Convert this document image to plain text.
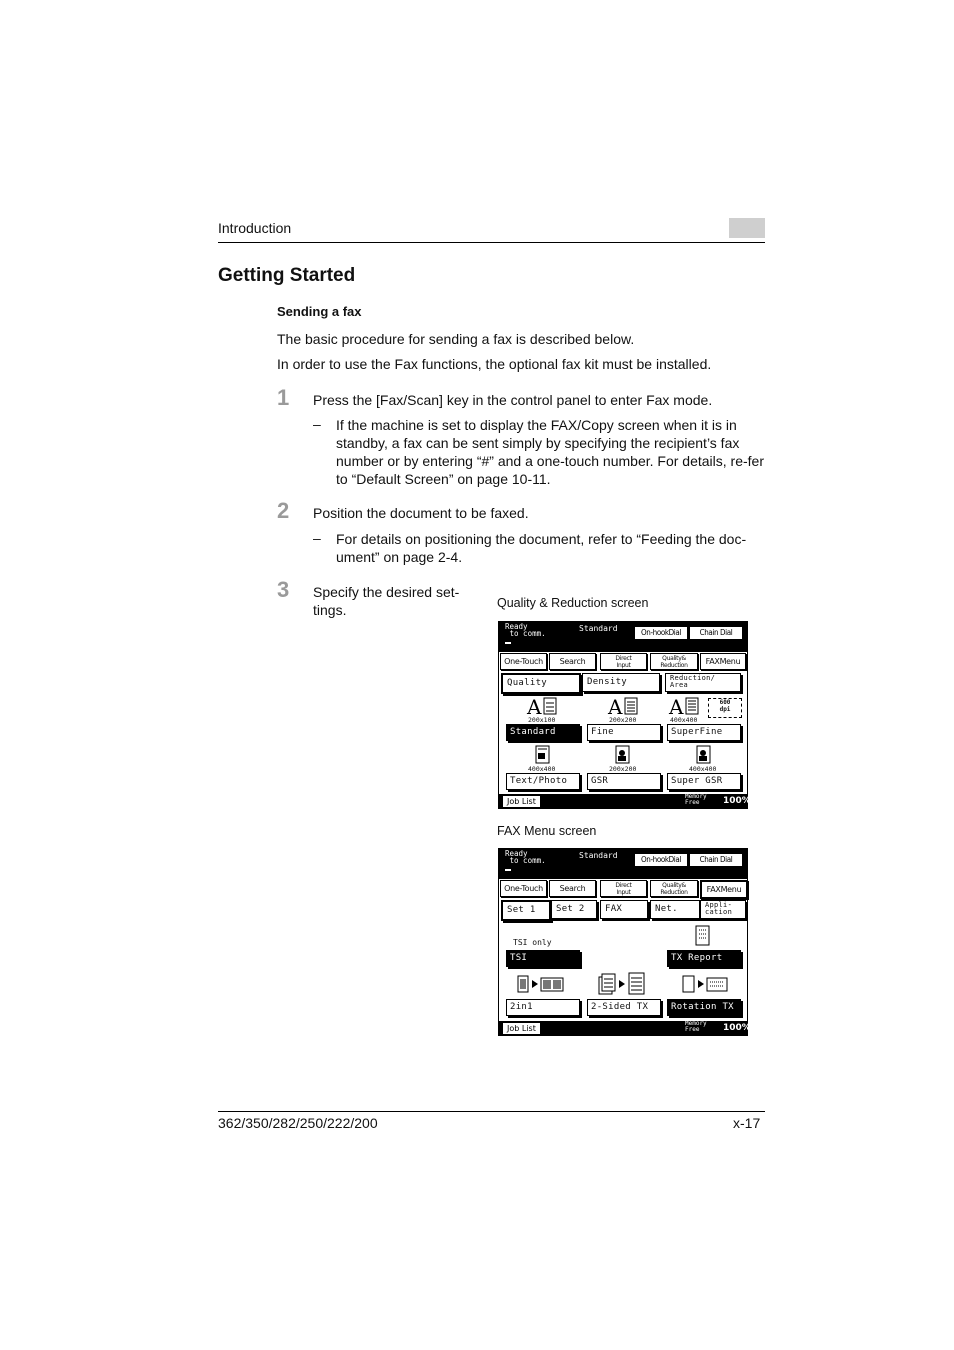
Introduction
Getting Started
Sending a fax
The basic procedure for sending a fax is described below.
In order to use the Fax functions, the optional fax kit must be installed.
1 Press the [Fax/Scan] key in the control panel to enter Fax mode.
– If the machine is set to display the FAX/Copy screen when it is in standby, a fax can be sent simply by specifying the recipient’s fax number or by entering “#” and a one-touch number. For details, re-fer to “Default Screen” on page 10-11.
2 Position the document to be faxed.
– For details on positioning the document, refer to “Feeding the doc-ument” on page 2-4.
3 Specify the desired set-tings.	Quality & Reduction screen
Ready
to comm.
Standard	On-hookDial	Chain Dial
One-Touch	Search	Direct
Input
Quality&
Reduction	FAXMenu
Quality	Density	Reduction/
Area
A	A A	600
dpi
200x100	200x200	400x400
Standard	Fine	SuperFine
400x400	200x200	400x400
Text/Photo	GSR	Super GSR
Job List
Memory
Free	100%
FAX Menu screen
Ready
to comm.
Standard	On-hookDial	Chain Dial
One-Touch	Search	Direct
Input
Quality&
Reduction	FAXMenu
Set 1	Set 2	FAX	Net.	Appli-
cation
TSI only
TSI	TX Report
2in1	2-Sided TX	Rotation TX
Job List
Memory
Free	100%
362/350/282/250/222/200	x-17
